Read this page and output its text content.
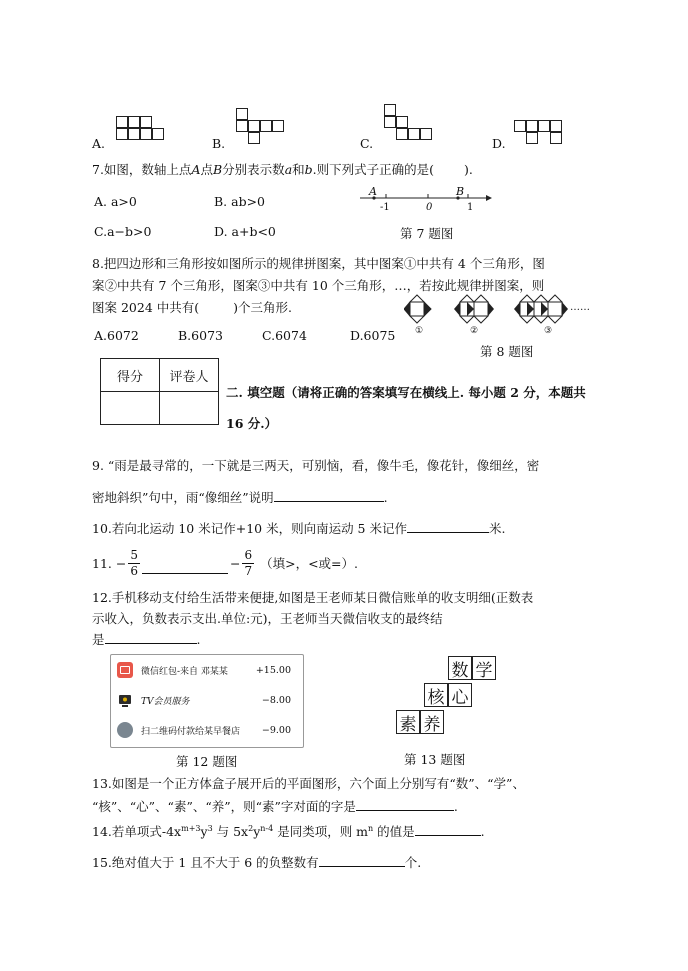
A.	B.	C.	D.
7.如图，数轴上点A点B分别表示数a和b.则下列式子正确的是( ).
A. a>0	B. ab>0
C.a−b>0	D. a+b<0
A	B
-1	0	1
第 7 题图
8.把四边形和三角形按如图所示的规律拼图案，其中图案①中共有 4 个三角形，图
案②中共有 7 个三角形，图案③中共有 10 个三角形，…，若按此规律拼图案，则
图案 2024 中共有(	)个三角形.
A.6072	B.6073	C.6074	D.6075
……
①	②	③
第 8 题图
得分	评卷人

二. 填空题（请将正确的答案填写在横线上. 每小题 2 分，本题共
16 分.）
9. “雨是最寻常的，一下就是三两天，可别恼，看，像牛毛，像花针，像细丝，密
密地斜织”句中，雨“像细丝”说明	.
10.若向北运动 10 米记作+10 米，则向南运动 5 米记作	米.
11. − $\frac{5}{6}$	− $\frac{6}{7}$ （填>，<或=）.
12.手机移动支付给生活带来便捷,如图是王老师某日微信账单的收支明细(正数表
示收入，负数表示支出.单位:元)，王老师当天微信收支的最终结
是	.
微信红包-来自 邓某某	+15.00
TV会员服务	−8.00
扫二维码付款给某早餐店 −9.00
第 12 题图
数 学
核 心
素 养
第 13 题图
13.如图是一个正方体盒子展开后的平面图形，六个面上分别写有“数”、“学”、
“核”、“心”、“素”、“养”，则“素”字对面的字是	.
14.若单项式$-4x^{m+3}y^3$ 与 $5x^2y^{n-4}$ 是同类项，则 $m^n$ 的值是	.
15.绝对值大于 1 且不大于 6 的负整数有	个.
